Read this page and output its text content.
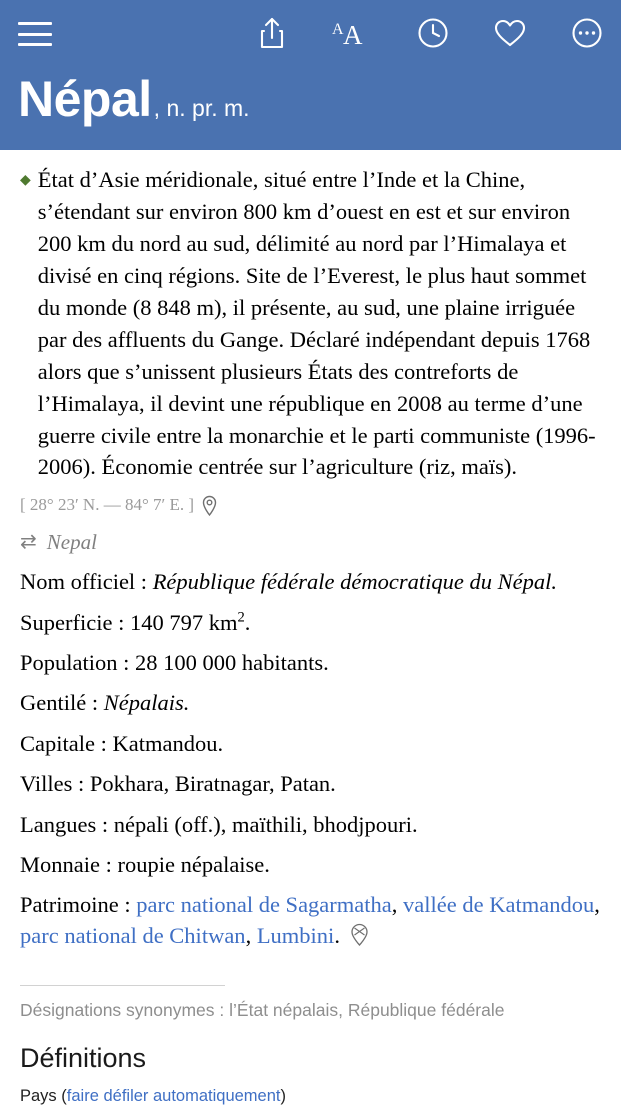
A A
Népal , n. pr. m.
◆ État d’Asie méridionale, situé entre l’Inde et la Chine, s’étendant sur environ 800 km d’ouest en est et sur environ 200 km du nord au sud, délimité au nord par l’Himalaya et divisé en cinq régions. Site de l’Everest, le plus haut sommet du monde (8 848 m), il présente, au sud, une plaine irriguée par des affluents du Gange. Déclaré indépendant depuis 1768 alors que s’unissent plusieurs États des contreforts de l’Himalaya, il devint une république en 2008 au terme d’une guerre civile entre la monarchie et le parti communiste (1996-2006). Économie centrée sur l’agriculture (riz, maïs).
[ 28° 23′ N. — 84° 7′ E. ]
⇄ Nepal
Nom officiel : République fédérale démocratique du Népal.
Superficie : 140 797 $km^2$.
Population : 28 100 000 habitants.
Gentilé : Népalais.
Capitale : Katmandou.
Villes : Pokhara, Biratnagar, Patan.
Langues : népali (off.), maïthili, bhodjpouri.
Monnaie : roupie népalaise.
Patrimoine : parc national de Sagarmatha, vallée de Katmandou, parc national de Chitwan, Lumbini.
Désignations synonymes : l’État népalais, République fédérale
Définitions
Pays (faire défiler automatiquement)
